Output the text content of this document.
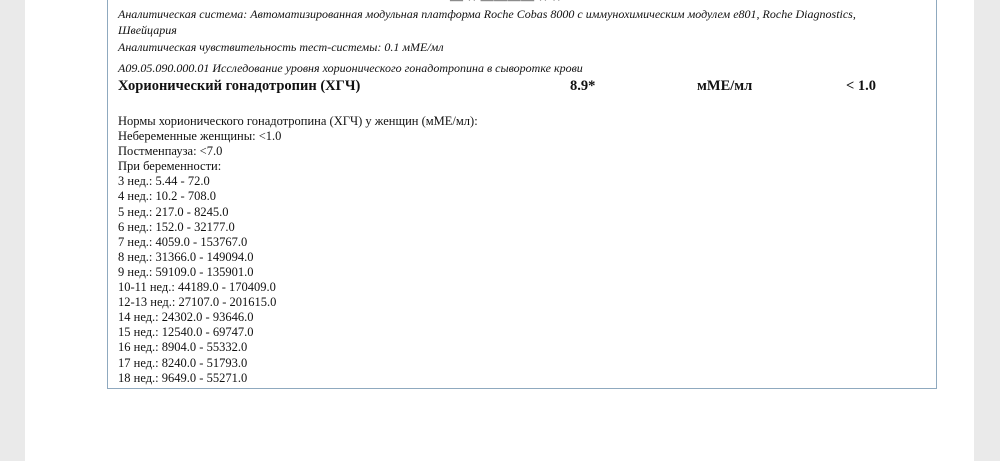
Аналитическая система: Автоматизированная модульная платформа Roche Cobas 8000 с иммунохимическим модулем е801, Roche Diagnostics, Швейцария
Аналитическая чувствительность тест-системы: 0.1 мМЕ/мл
A09.05.090.000.01 Исследование уровня хорионического гонадотропина в сыворотке крови
Хорионический гонадотропин (ХГЧ)	8.9*	мМЕ/мл	< 1.0
Нормы хорионического гонадотропина (ХГЧ) у женщин (мМЕ/мл):
Небеременные женщины: <1.0
Постменпауза: <7.0
При беременности:
3 нед.: 5.44 - 72.0
4 нед.: 10.2 - 708.0
5 нед.: 217.0 - 8245.0
6 нед.: 152.0 - 32177.0
7 нед.: 4059.0 - 153767.0
8 нед.: 31366.0 - 149094.0
9 нед.: 59109.0 - 135901.0
10-11 нед.: 44189.0 - 170409.0
12-13 нед.: 27107.0 - 201615.0
14 нед.: 24302.0 - 93646.0
15 нед.: 12540.0 - 69747.0
16 нед.: 8904.0 - 55332.0
17 нед.: 8240.0 - 51793.0
18 нед.: 9649.0 - 55271.0
